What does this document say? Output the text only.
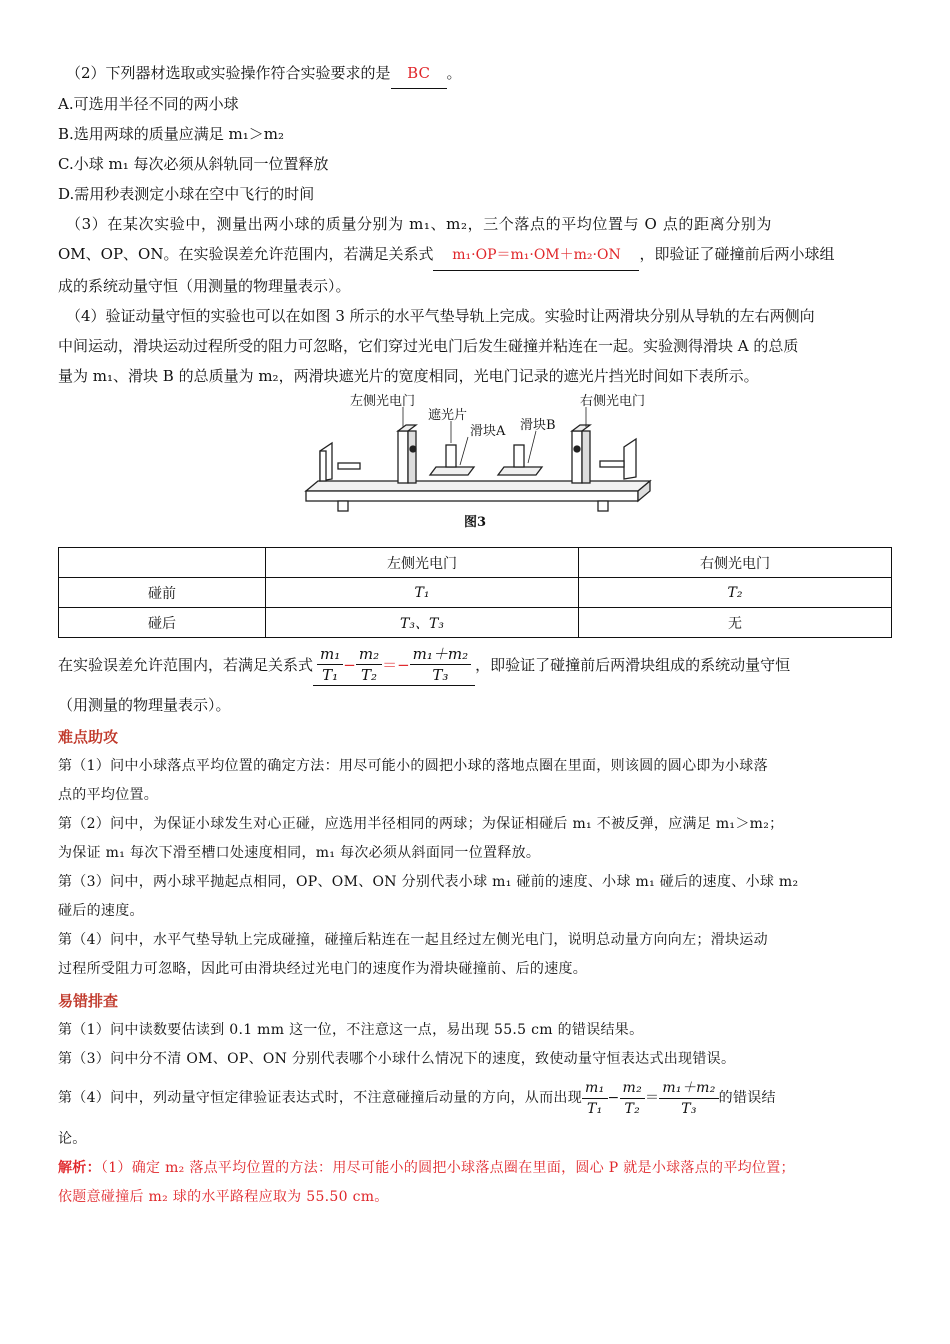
（2）下列器材选取或实验操作符合实验要求的是 BC 。

A.可选用半径不同的两小球

B.选用两球的质量应满足 m₁＞m₂

C.小球 m₁ 每次必须从斜轨同一位置释放

D.需用秒表测定小球在空中飞行的时间

（3）在某次实验中，测量出两小球的质量分别为 m₁、m₂，三个落点的平均位置与 O 点的距离分别为

OM、OP、ON。在实验误差允许范围内，若满足关系式 m₁·OP＝m₁·OM＋m₂·ON ，即验证了碰撞前后两小球组

成的系统动量守恒（用测量的物理量表示）。

（4）验证动量守恒的实验也可以在如图 3 所示的水平气垫导轨上完成。实验时让两滑块分别从导轨的左右两侧向

中间运动，滑块运动过程所受的阻力可忽略，它们穿过光电门后发生碰撞并粘连在一起。实验测得滑块 A 的总质

量为 m₁、滑块 B 的总质量为 m₂，两滑块遮光片的宽度相同，光电门记录的遮光片挡光时间如下表所示。

左侧光电门
遮光片
滑块A 滑块B
右侧光电门

图3

	左侧光电门	右侧光电门
碰前	T₁	T₂
碰后	T₃、T₃	无
在实验误差允许范围内，若满足关系式 $\frac{\text{m₁}}{\text{T₁}} - \frac{\text{m₂}}{\text{T₂}} =- \frac{\text{m₁＋m₂}}{\text{T₃}}$ ，即验证了碰撞前后两滑块组成的系统动量守恒

（用测量的物理量表示）。

难点助攻

第（1）问中小球落点平均位置的确定方法：用尽可能小的圆把小球的落地点圈在里面，则该圆的圆心即为小球落

点的平均位置。

第（2）问中，为保证小球发生对心正碰，应选用半径相同的两球；为保证相碰后 m₁ 不被反弹，应满足 m₁＞m₂；

为保证 m₁ 每次下滑至槽口处速度相同，m₁ 每次必须从斜面同一位置释放。

第（3）问中，两小球平抛起点相同，OP、OM、ON 分别代表小球 m₁ 碰前的速度、小球 m₁ 碰后的速度、小球 m₂

碰后的速度。

第（4）问中，水平气垫导轨上完成碰撞，碰撞后粘连在一起且经过左侧光电门，说明总动量方向向左；滑块运动

过程所受阻力可忽略，因此可由滑块经过光电门的速度作为滑块碰撞前、后的速度。

易错排查

第（1）问中读数要估读到 0.1 mm 这一位，不注意这一点，易出现 55.5 cm 的错误结果。

第（3）问中分不清 OM、OP、ON 分别代表哪个小球什么情况下的速度，致使动量守恒表达式出现错误。

第（4）问中，列动量守恒定律验证表达式时，不注意碰撞后动量的方向，从而出现 $\frac{\text{m₁}}{\text{T₁}} - \frac{\text{m₂}}{\text{T₂}} = \frac{\text{m₁＋m₂}}{\text{T₃}}$ 的错误结

论。

解析：（1）确定 m₂ 落点平均位置的方法：用尽可能小的圆把小球落点圈在里面，圆心 P 就是小球落点的平均位置；

依题意碰撞后 m₂ 球的水平路程应取为 55.50 cm。
